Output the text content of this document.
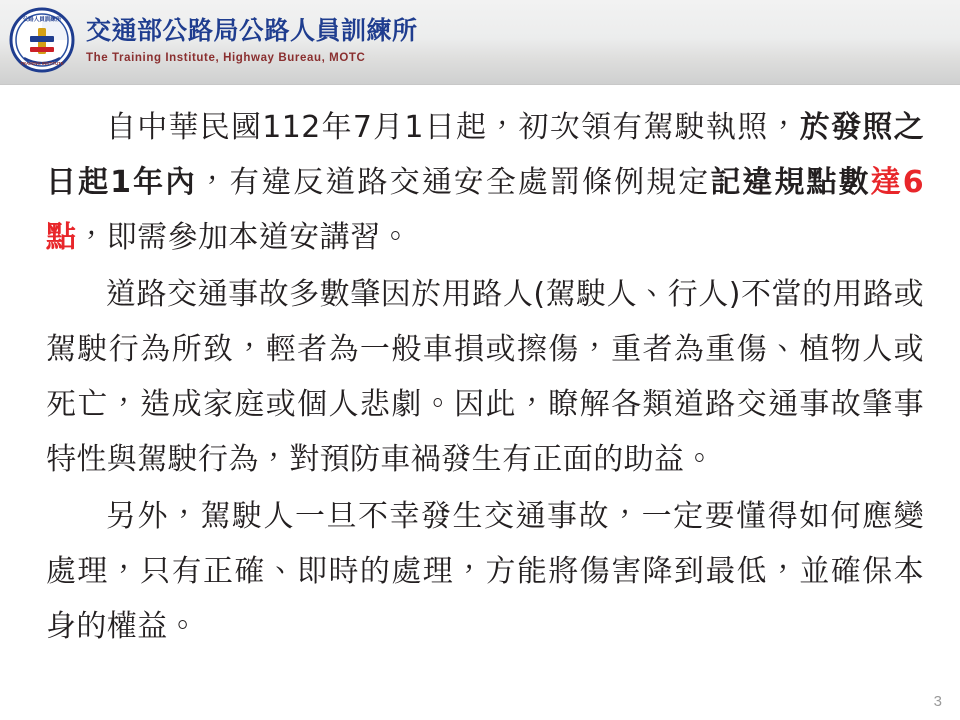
公路人員訓練所
TRAINING INSTITUTE
交通部公路局公路人員訓練所
The Training Institute, Highway Bureau, MOTC

自中華民國112年7月1日起，初次領有駕駛執照，於發照之日起1年內，有違反道路交通安全處罰條例規定記違規點數達6點，即需參加本道安講習。

道路交通事故多數肇因於用路人(駕駛人、行人)不當的用路或駕駛行為所致，輕者為一般車損或擦傷，重者為重傷、植物人或死亡，造成家庭或個人悲劇。因此，瞭解各類道路交通事故肇事特性與駕駛行為，對預防車禍發生有正面的助益。

另外，駕駛人一旦不幸發生交通事故，一定要懂得如何應變處理，只有正確、即時的處理，方能將傷害降到最低，並確保本身的權益。

3
